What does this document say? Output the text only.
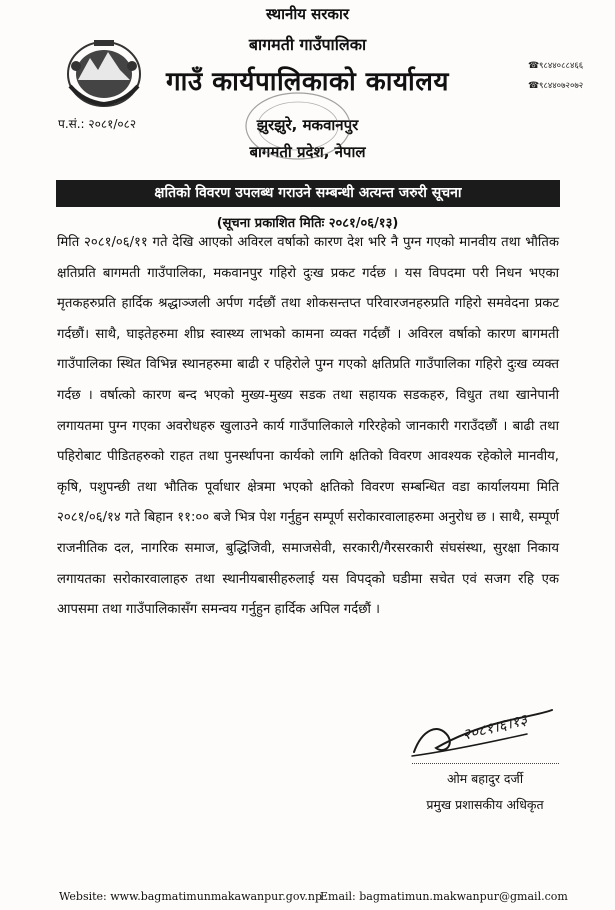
स्थानीय सरकार
बागमती गाउँपालिका
गाउँ कार्यपालिकाको कार्यालय
झुरझुरे, मकवानपुर
बागमती प्रदेश, नेपाल
प.सं.: २०८१/०८२
☎९८४४०८८४६६
☎९८४४०७२०७२
क्षतिको विवरण उपलब्ध गराउने सम्बन्धी अत्यन्त जरुरी सूचना
(सूचना प्रकाशित मितिः २०८१/०६/१३)
मिति २०८१/०६/११ गते देखि आएको अविरल वर्षाको कारण देश भरि नै पुग्न गएको मानवीय तथा भौतिक क्षतिप्रति बागमती गाउँपालिका, मकवानपुर गहिरो दुःख प्रकट गर्दछ । यस विपदमा परी निधन भएका मृतकहरुप्रति हार्दिक श्रद्धाञ्जली अर्पण गर्दछौं तथा शोकसन्तप्त परिवारजनहरुप्रति गहिरो समवेदना प्रकट गर्दछौं। साथै, घाइतेहरुमा शीघ्र स्वास्थ्य लाभको कामना व्यक्त गर्दछौं । अविरल वर्षाको कारण बागमती गाउँपालिका स्थित विभिन्न स्थानहरुमा बाढी र पहिरोले पुग्न गएको क्षतिप्रति गाउँपालिका गहिरो दुःख व्यक्त गर्दछ । वर्षात्को कारण बन्द भएको मुख्य-मुख्य सडक तथा सहायक सडकहरु, विधुत तथा खानेपानी लगायतमा पुग्न गएका अवरोधहरु खुलाउने कार्य गाउँपालिकाले गरिरहेको जानकारी गराउँदछौं । बाढी तथा पहिरोबाट पीडितहरुको राहत तथा पुनर्स्थापना कार्यको लागि क्षतिको विवरण आवश्यक रहेकोले मानवीय, कृषि, पशुपन्छी तथा भौतिक पूर्वाधार क्षेत्रमा भएको क्षतिको विवरण सम्बन्धित वडा कार्यालयमा मिति २०८१/०६/१४ गते बिहान ११:०० बजे भित्र पेश गर्नुहुन सम्पूर्ण सरोकारवालाहरुमा अनुरोध छ । साथै, सम्पूर्ण राजनीतिक दल, नागरिक समाज, बुद्धिजिवी, समाजसेवी, सरकारी/गैरसरकारी संघसंस्था, सुरक्षा निकाय लगायतका सरोकारवालाहरु तथा स्थानीयबासीहरुलाई यस विपद्को घडीमा सचेत एवं सजग रहि एक आपसमा तथा गाउँपालिकासँग समन्वय गर्नुहुन हार्दिक अपिल गर्दछौं ।
२०८१।६।१३
ओम बहादुर दर्जी
प्रमुख प्रशासकीय अधिकृत
Website: www.bagmatimunmakawanpur.gov.np
Email: bagmatimun.makwanpur@gmail.com
